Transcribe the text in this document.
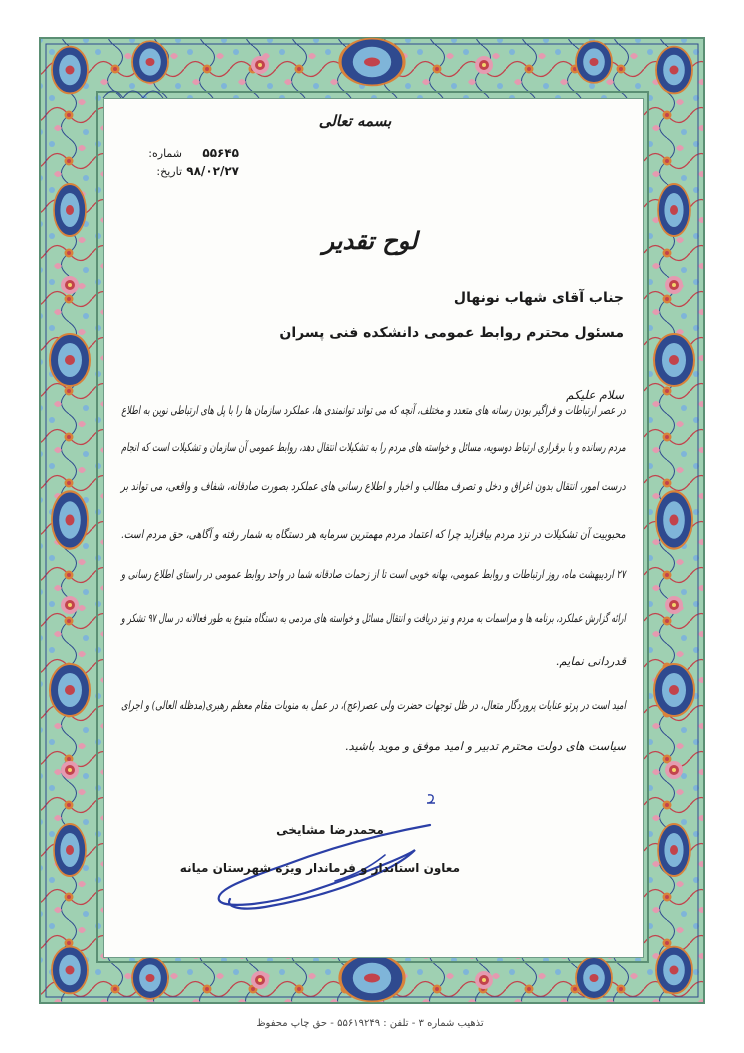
بسمه تعالی
شماره:	۵۵۶۴۵
تاریخ: ۹۸/۰۲/۲۷
لوح تقدیر
جناب آقای شهاب نونهال
مسئول محترم روابط عمومی دانشکده فنی پسران
سلام علیکم
در عصر ارتباطات و فراگیر بودن رسانه های متعدد و مختلف، آنچه که می تواند توانمندی ها، عملکرد سازمان ها را با پل های ارتباطی نوین به اطلاع
مردم رسانده و با برقراری ارتباط دوسویه، مسائل و خواسته های مردم را به تشکیلات انتقال دهد، روابط عمومی آن سازمان و تشکیلات است که انجام
درست امور، انتقال بدون اغراق و دخل و تصرف مطالب و اخبار و اطلاع رسانی های عملکرد بصورت صادقانه، شفاف و واقعی، می تواند بر
محبوبیت آن تشکیلات در نزد مردم بیافزاید چرا که اعتماد مردم مهمترین سرمایه هر دستگاه به شمار رفته و آگاهی، حق مردم است.
۲۷ اردیبهشت ماه، روز ارتباطات و روابط عمومی، بهانه خوبی است تا از زحمات صادقانه شما در واحد روابط عمومی در راستای اطلاع رسانی و
ارائه گزارش عملکرد، برنامه ها و مراسمات به مردم و نیز دریافت و انتقال مسائل و خواسته های مردمی به دستگاه متبوع به طور فعالانه در سال ۹۷ تشکر و
قدردانی نمایم.
امید است در پرتو عنایات پروردگار متعال، در ظل توجهات حضرت ولی عصر(عج)، در عمل به منویات مقام معظم رهبری(مدظله العالی) و اجرای
سیاست های دولت محترم تدبیر و امید موفق و موید باشید.
محمدرضا مشایخی
معاون استاندار و فرماندار ویژه شهرستان میانه
تذهیب شماره ۳ - تلفن : ۵۵۶۱۹۲۴۹ - حق چاپ محفوظ
